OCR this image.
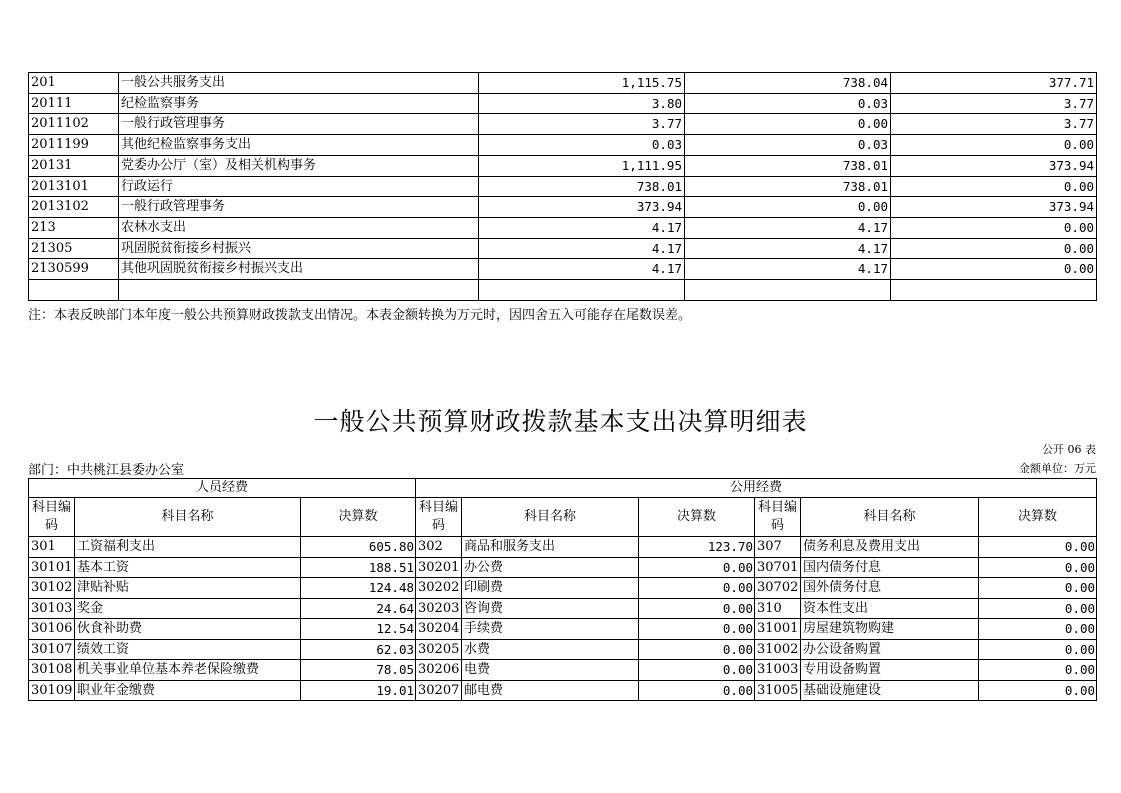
201	一般公共服务支出	1,115.75	738.04	377.71
20111	纪检监察事务	3.80	0.03	3.77
2011102	一般行政管理事务	3.77	0.00	3.77
2011199	其他纪检监察事务支出	0.03	0.03	0.00
20131	党委办公厅（室）及相关机构事务	1,111.95	738.01	373.94
2013101	行政运行	738.01	738.01	0.00
2013102	一般行政管理事务	373.94	0.00	373.94
213	农林水支出	4.17	4.17	0.00
21305	巩固脱贫衔接乡村振兴	4.17	4.17	0.00
2130599	其他巩固脱贫衔接乡村振兴支出	4.17	4.17	0.00

注：本表反映部门本年度一般公共预算财政拨款支出情况。本表金额转换为万元时，因四舍五入可能存在尾数误差。
一般公共预算财政拨款基本支出决算明细表
公开 06 表
部门：中共桃江县委办公室	金额单位：万元
人员经费			公用经费					
科目编码	科目名称	决算数	科目编码	科目名称	决算数	科目编码	科目名称	决算数
301	工资福利支出	605.80	302	商品和服务支出	123.70	307	债务利息及费用支出	0.00
30101	基本工资	188.51	30201	办公费	0.00	30701	国内债务付息	0.00
30102	津贴补贴	124.48	30202	印刷费	0.00	30702	国外债务付息	0.00
30103	奖金	24.64	30203	咨询费	0.00	310	资本性支出	0.00
30106	伙食补助费	12.54	30204	手续费	0.00	31001	房屋建筑物购建	0.00
30107	绩效工资	62.03	30205	水费	0.00	31002	办公设备购置	0.00
30108	机关事业单位基本养老保险缴费	78.05	30206	电费	0.00	31003	专用设备购置	0.00
30109	职业年金缴费	19.01	30207	邮电费	0.00	31005	基础设施建设	0.00
